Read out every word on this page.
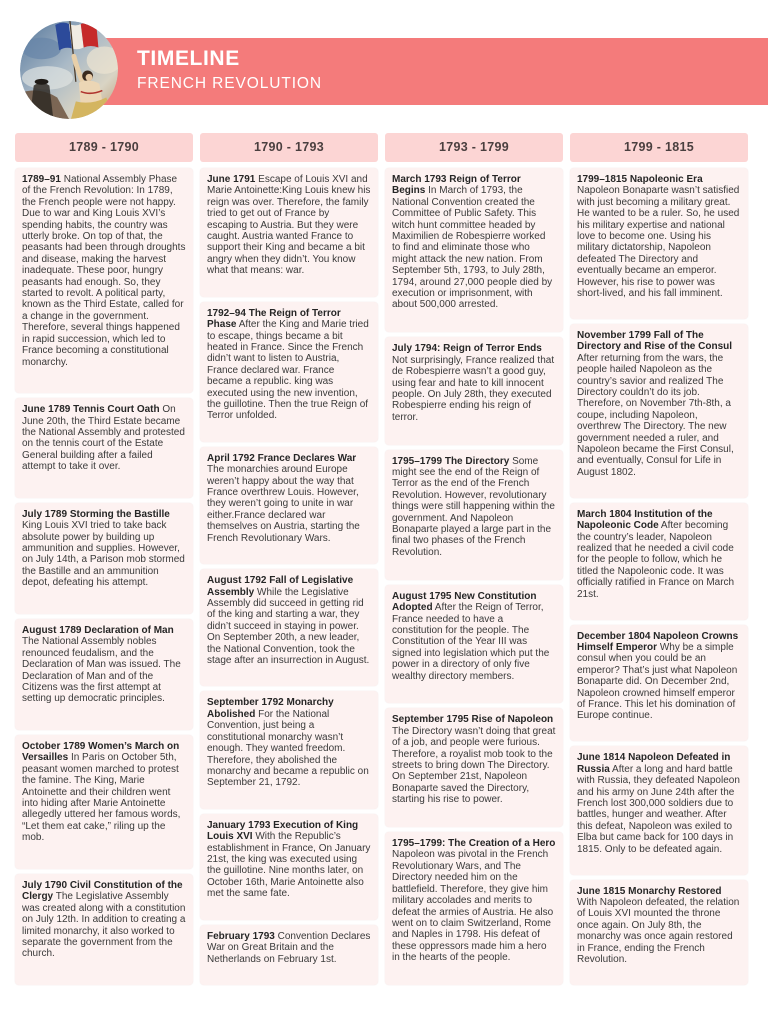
TIMELINE
FRENCH REVOLUTION
1789 - 1790

1789–91 National Assembly Phase of the French Revolution: In 1789, the French people were not happy. Due to war and King Louis XVI’s spending habits, the country was utterly broke. On top of that, the peasants had been through droughts and disease, making the harvest inadequate. These poor, hungry peasants had enough. So, they started to revolt. A political party, known as the Third Estate, called for a change in the government. Therefore, several things happened in rapid succession, which led to France becoming a constitutional monarchy.

June 1789 Tennis Court Oath On June 20th, the Third Estate became the National Assembly and protested on the tennis court of the Estate General building after a failed attempt to take it over.

July 1789 Storming the Bastille King Louis XVI tried to take back absolute power by building up ammunition and supplies. However, on July 14th, a Parison mob stormed the Bastille and an ammunition depot, defeating his attempt.

August 1789 Declaration of Man The National Assembly nobles renounced feudalism, and the Declaration of Man was issued. The Declaration of Man and of the Citizens was the first attempt at setting up democratic principles.

October 1789 Women’s March on Versailles In Paris on October 5th, peasant women marched to protest the famine. The King, Marie Antoinette and their children went into hiding after Marie Antoinette allegedly uttered her famous words, “Let them eat cake,” riling up the mob.

July 1790 Civil Constitution of the Clergy The Legislative Assembly was created along with a constitution on July 12th. In addition to creating a limited monarchy, it also worked to separate the government from the church.

1790 - 1793

June 1791 Escape of Louis XVI and Marie Antoinette:King Louis knew his reign was over. Therefore, the family tried to get out of France by escaping to Austria. But they were caught. Austria wanted France to support their King and became a bit angry when they didn’t. You know what that means: war.

1792–94 The Reign of Terror Phase After the King and Marie tried to escape, things became a bit heated in France. Since the French didn’t want to listen to Austria, France declared war. France became a republic. king was executed using the new invention, the guillotine. Then the true Reign of Terror unfolded.

April 1792 France Declares War The monarchies around Europe weren’t happy about the way that France overthrew Louis. However, they weren’t going to unite in war either.France declared war themselves on Austria, starting the French Revolutionary Wars.

August 1792 Fall of Legislative Assembly While the Legislative Assembly did succeed in getting rid of the king and starting a war, they didn’t succeed in staying in power. On September 20th, a new leader, the National Convention, took the stage after an insurrection in August.

September 1792 Monarchy Abolished For the National Convention, just being a constitutional monarchy wasn’t enough. They wanted freedom. Therefore, they abolished the monarchy and became a republic on September 21, 1792.

January 1793 Execution of King Louis XVI With the Republic’s establishment in France, On January 21st, the king was executed using the guillotine. Nine months later, on October 16th, Marie Antoinette also met the same fate.

February 1793 Convention Declares War on Great Britain and the Netherlands on February 1st.

1793 - 1799

March 1793 Reign of Terror Begins In March of 1793, the National Convention created the Committee of Public Safety. This witch hunt committee headed by Maximilien de Robespierre worked to find and eliminate those who might attack the new nation. From September 5th, 1793, to July 28th, 1794, around 27,000 people died by execution or imprisonment, with about 500,000 arrested.

July 1794: Reign of Terror Ends Not surprisingly, France realized that de Robespierre wasn’t a good guy, using fear and hate to kill innocent people. On July 28th, they executed Robespierre ending his reign of terror.

1795–1799 The Directory Some might see the end of the Reign of Terror as the end of the French Revolution. However, revolutionary things were still happening within the government. And Napoleon Bonaparte played a large part in the final two phases of the French Revolution.

August 1795 New Constitution Adopted After the Reign of Terror, France needed to have a constitution for the people. The Constitution of the Year III was signed into legislation which put the power in a directory of only five wealthy directory members.

September 1795 Rise of Napoleon The Directory wasn’t doing that great of a job, and people were furious. Therefore, a royalist mob took to the streets to bring down The Directory. On September 21st, Napoleon Bonaparte saved the Directory, starting his rise to power.

1795–1799: The Creation of a Hero Napoleon was pivotal in the French Revolutionary Wars, and The Directory needed him on the battlefield. Therefore, they give him military accolades and merits to defeat the armies of Austria. He also went on to claim Switzerland, Rome and Naples in 1798. His defeat of these oppressors made him a hero in the hearts of the people.

1799 - 1815

1799–1815 Napoleonic Era Napoleon Bonaparte wasn’t satisfied with just becoming a military great. He wanted to be a ruler. So, he used his military expertise and national love to become one. Using his military dictatorship, Napoleon defeated The Directory and eventually became an emperor. However, his rise to power was short-lived, and his fall imminent.

November 1799 Fall of The Directory and Rise of the Consul After returning from the wars, the people hailed Napoleon as the country’s savior and realized The Directory couldn’t do its job. Therefore, on November 7th-8th, a coupe, including Napoleon, overthrew The Directory. The new government needed a ruler, and Napoleon became the First Consul, and eventually, Consul for Life in August 1802.

March 1804 Institution of the Napoleonic Code After becoming the country’s leader, Napoleon realized that he needed a civil code for the people to follow, which he titled the Napoleonic code. It was officially ratified in France on March 21st.

December 1804 Napoleon Crowns Himself Emperor Why be a simple consul when you could be an emperor? That’s just what Napoleon Bonaparte did. On December 2nd, Napoleon crowned himself emperor of France. This let his domination of Europe continue.

June 1814 Napoleon Defeated in Russia After a long and hard battle with Russia, they defeated Napoleon and his army on June 24th after the French lost 300,000 soldiers due to battles, hunger and weather. After this defeat, Napoleon was exiled to Elba but came back for 100 days in 1815. Only to be defeated again.

June 1815 Monarchy Restored With Napoleon defeated, the relation of Louis XVI mounted the throne once again. On July 8th, the monarchy was once again restored in France, ending the French Revolution.
